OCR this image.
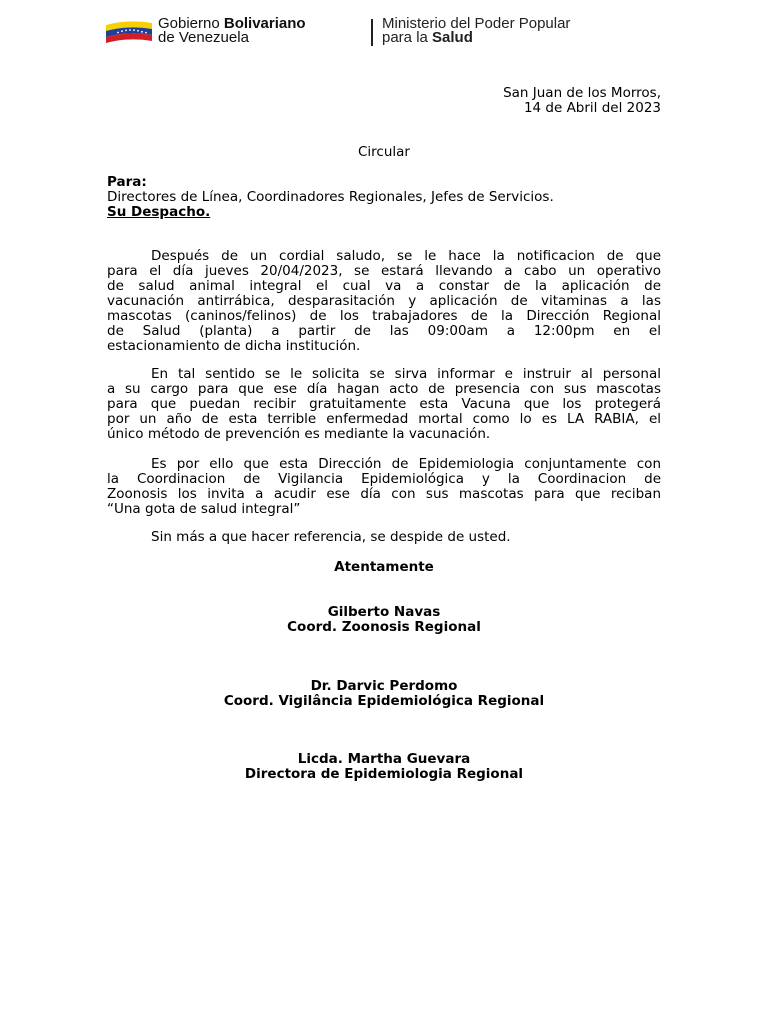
Gobierno Bolivariano
de Venezuela
Ministerio del Poder Popular
para la Salud
San Juan de los Morros,
14 de Abril del 2023
Circular
Para:
Directores de Línea, Coordinadores Regionales, Jefes de Servicios.
Su Despacho.
Después de un cordial saludo, se le hace la notificacion de que
para el día jueves 20/04/2023, se estará llevando a cabo un operativo
de salud animal integral el cual va a constar de la aplicación de
vacunación antirrábica, desparasitación y aplicación de vitaminas a las
mascotas (caninos/felinos) de los trabajadores de la Dirección Regional
de Salud (planta) a partir de las 09:00am a 12:00pm en el
estacionamiento de dicha institución.
En tal sentido se le solicita se sirva informar e instruir al personal
a su cargo para que ese día hagan acto de presencia con sus mascotas
para que puedan recibir gratuitamente esta Vacuna que los protegerá
por un año de esta terrible enfermedad mortal como lo es LA RABIA, el
único método de prevención es mediante la vacunación.
Es por ello que esta Dirección de Epidemiologia conjuntamente con
la Coordinacion de Vigilancia Epidemiológica y la Coordinacion de
Zoonosis los invita a acudir ese día con sus mascotas para que reciban
“Una gota de salud integral”
Sin más a que hacer referencia, se despide de usted.
Atentamente
Gilberto Navas
Coord. Zoonosis Regional
Dr. Darvic Perdomo
Coord. Vigilância Epidemiológica Regional
Licda. Martha Guevara
Directora de Epidemiologia Regional
